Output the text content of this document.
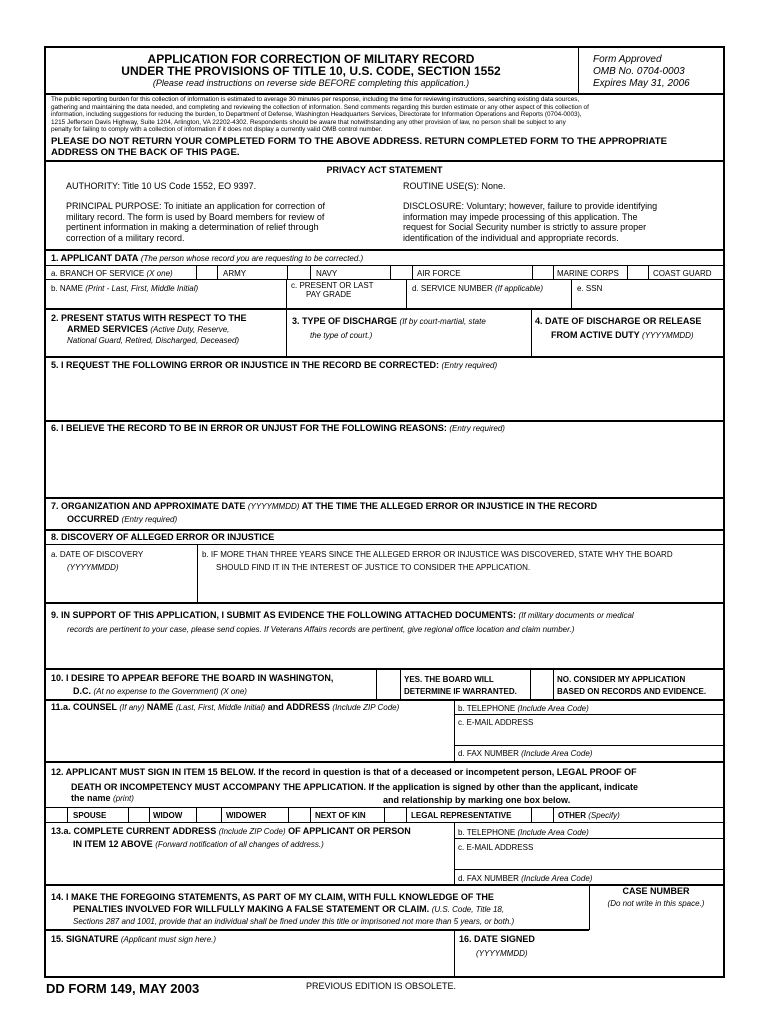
APPLICATION FOR CORRECTION OF MILITARY RECORD
UNDER THE PROVISIONS OF TITLE 10, U.S. CODE, SECTION 1552
(Please read instructions on reverse side BEFORE completing this application.)
Form Approved
OMB No. 0704-0003
Expires May 31, 2006
The public reporting burden for this collection of information is estimated to average 30 minutes per response, including the time for reviewing instructions, searching existing data sources,
gathering and maintaining the data needed, and completing and reviewing the collection of information. Send comments regarding this burden estimate or any other aspect of this collection of
information, including suggestions for reducing the burden, to Department of Defense, Washington Headquarters Services, Directorate for Information Operations and Reports (0704-0003),
1215 Jefferson Davis Highway, Suite 1204, Arlington, VA 22202-4302. Respondents should be aware that notwithstanding any other provision of law, no person shall be subject to any
penalty for failing to comply with a collection of information if it does not display a currently valid OMB control number.
PLEASE DO NOT RETURN YOUR COMPLETED FORM TO THE ABOVE ADDRESS. RETURN COMPLETED FORM TO THE APPROPRIATE
ADDRESS ON THE BACK OF THIS PAGE.
PRIVACY ACT STATEMENT
AUTHORITY: Title 10 US Code 1552, EO 9397.	ROUTINE USE(S): None.
PRINCIPAL PURPOSE: To initiate an application for correction of
military record. The form is used by Board members for review of
pertinent information in making a determination of relief through
correction of a military record.
DISCLOSURE: Voluntary; however, failure to provide identifying
information may impede processing of this application. The
request for Social Security number is strictly to assure proper
identification of the individual and appropriate records.
1. APPLICANT DATA (The person whose record you are requesting to be corrected.)
a. BRANCH OF SERVICE (X one)	ARMY	NAVY	AIR FORCE	MARINE CORPS	COAST GUARD
b. NAME (Print - Last, First, Middle Initial)	c. PRESENT OR LAST
PAY GRADE
d. SERVICE NUMBER (If applicable)	e. SSN
2. PRESENT STATUS WITH RESPECT TO THE
ARMED SERVICES (Active Duty, Reserve,
National Guard, Retired, Discharged, Deceased)
3. TYPE OF DISCHARGE (If by court-martial, state
the type of court.)
4. DATE OF DISCHARGE OR RELEASE
FROM ACTIVE DUTY (YYYYMMDD)
5. I REQUEST THE FOLLOWING ERROR OR INJUSTICE IN THE RECORD BE CORRECTED: (Entry required)
6. I BELIEVE THE RECORD TO BE IN ERROR OR UNJUST FOR THE FOLLOWING REASONS: (Entry required)
7. ORGANIZATION AND APPROXIMATE DATE (YYYYMMDD) AT THE TIME THE ALLEGED ERROR OR INJUSTICE IN THE RECORD
OCCURRED (Entry required)
8. DISCOVERY OF ALLEGED ERROR OR INJUSTICE
a. DATE OF DISCOVERY
(YYYYMMDD)
b. IF MORE THAN THREE YEARS SINCE THE ALLEGED ERROR OR INJUSTICE WAS DISCOVERED, STATE WHY THE BOARD
SHOULD FIND IT IN THE INTEREST OF JUSTICE TO CONSIDER THE APPLICATION.
9. IN SUPPORT OF THIS APPLICATION, I SUBMIT AS EVIDENCE THE FOLLOWING ATTACHED DOCUMENTS: (If military documents or medical
records are pertinent to your case, please send copies. If Veterans Affairs records are pertinent, give regional office location and claim number.)
10. I DESIRE TO APPEAR BEFORE THE BOARD IN WASHINGTON,
D.C. (At no expense to the Government) (X one)
YES. THE BOARD WILL
DETERMINE IF WARRANTED.
NO. CONSIDER MY APPLICATION
BASED ON RECORDS AND EVIDENCE.
11.a. COUNSEL (If any) NAME (Last, First, Middle Initial) and ADDRESS (Include ZIP Code)	b. TELEPHONE (Include Area Code)
c. E-MAIL ADDRESS
d. FAX NUMBER (Include Area Code)
12. APPLICANT MUST SIGN IN ITEM 15 BELOW. If the record in question is that of a deceased or incompetent person, LEGAL PROOF OF
DEATH OR INCOMPETENCY MUST ACCOMPANY THE APPLICATION. If the application is signed by other than the applicant, indicate
the name (print)	and relationship by marking one box below.
SPOUSE	WIDOW	WIDOWER	NEXT OF KIN	LEGAL REPRESENTATIVE	OTHER (Specify)
13.a. COMPLETE CURRENT ADDRESS (Include ZIP Code) OF APPLICANT OR PERSON
IN ITEM 12 ABOVE (Forward notification of all changes of address.)
b. TELEPHONE (Include Area Code)
c. E-MAIL ADDRESS
d. FAX NUMBER (Include Area Code)
14. I MAKE THE FOREGOING STATEMENTS, AS PART OF MY CLAIM, WITH FULL KNOWLEDGE OF THE
PENALTIES INVOLVED FOR WILLFULLY MAKING A FALSE STATEMENT OR CLAIM. (U.S. Code, Title 18,
Sections 287 and 1001, provide that an individual shall be fined under this title or imprisoned not more than 5 years, or both.)
CASE NUMBER
(Do not write in this space.)
15. SIGNATURE (Applicant must sign here.)	16. DATE SIGNED
(YYYYMMDD)
DD FORM 149, MAY 2003	PREVIOUS EDITION IS OBSOLETE.
